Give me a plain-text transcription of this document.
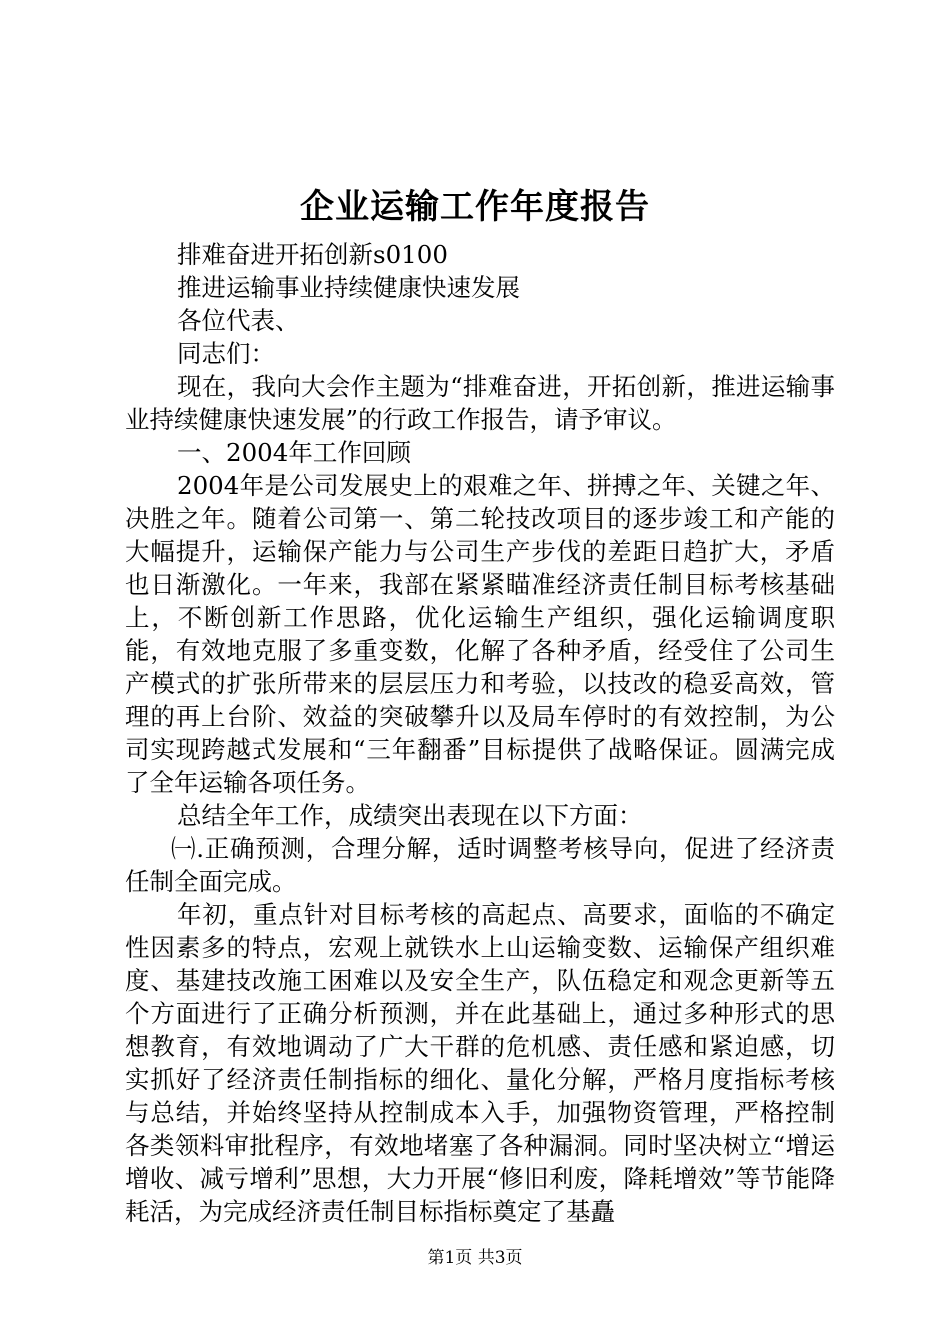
企业运输工作年度报告
排难奋进开拓创新s0100
推进运输事业持续健康快速发展
各位代表、
同志们：

现在，我向大会作主题为“排难奋进，开拓创新，推进运输事业持续健康快速发展”的行政工作报告，请予审议。

一、2004年工作回顾

2004年是公司发展史上的艰难之年、拼搏之年、关键之年、决胜之年。随着公司第一、第二轮技改项目的逐步竣工和产能的大幅提升，运输保产能力与公司生产步伐的差距日趋扩大，矛盾也日渐激化。一年来，我部在紧紧瞄准经济责任制目标考核基础上，不断创新工作思路，优化运输生产组织，强化运输调度职能，有效地克服了多重变数，化解了各种矛盾，经受住了公司生产模式的扩张所带来的层层压力和考验，以技改的稳妥高效，管理的再上台阶、效益的突破攀升以及局车停时的有效控制，为公司实现跨越式发展和“三年翻番”目标提供了战略保证。圆满完成了全年运输各项任务。

总结全年工作，成绩突出表现在以下方面：

㈠.正确预测，合理分解，适时调整考核导向，促进了经济责任制全面完成。

年初，重点针对目标考核的高起点、高要求，面临的不确定性因素多的特点，宏观上就铁水上山运输变数、运输保产组织难度、基建技改施工困难以及安全生产，队伍稳定和观念更新等五个方面进行了正确分析预测，并在此基础上，通过多种形式的思想教育，有效地调动了广大干群的危机感、责任感和紧迫感，切实抓好了经济责任制指标的细化、量化分解，严格月度指标考核与总结，并始终坚持从控制成本入手，加强物资管理，严格控制各类领料审批程序，有效地堵塞了各种漏洞。同时坚决树立“增运增收、减亏增利”思想，大力开展“修旧利废，降耗增效”等节能降耗活，为完成经济责任制目标指标奠定了基矗

第1页 共3页
